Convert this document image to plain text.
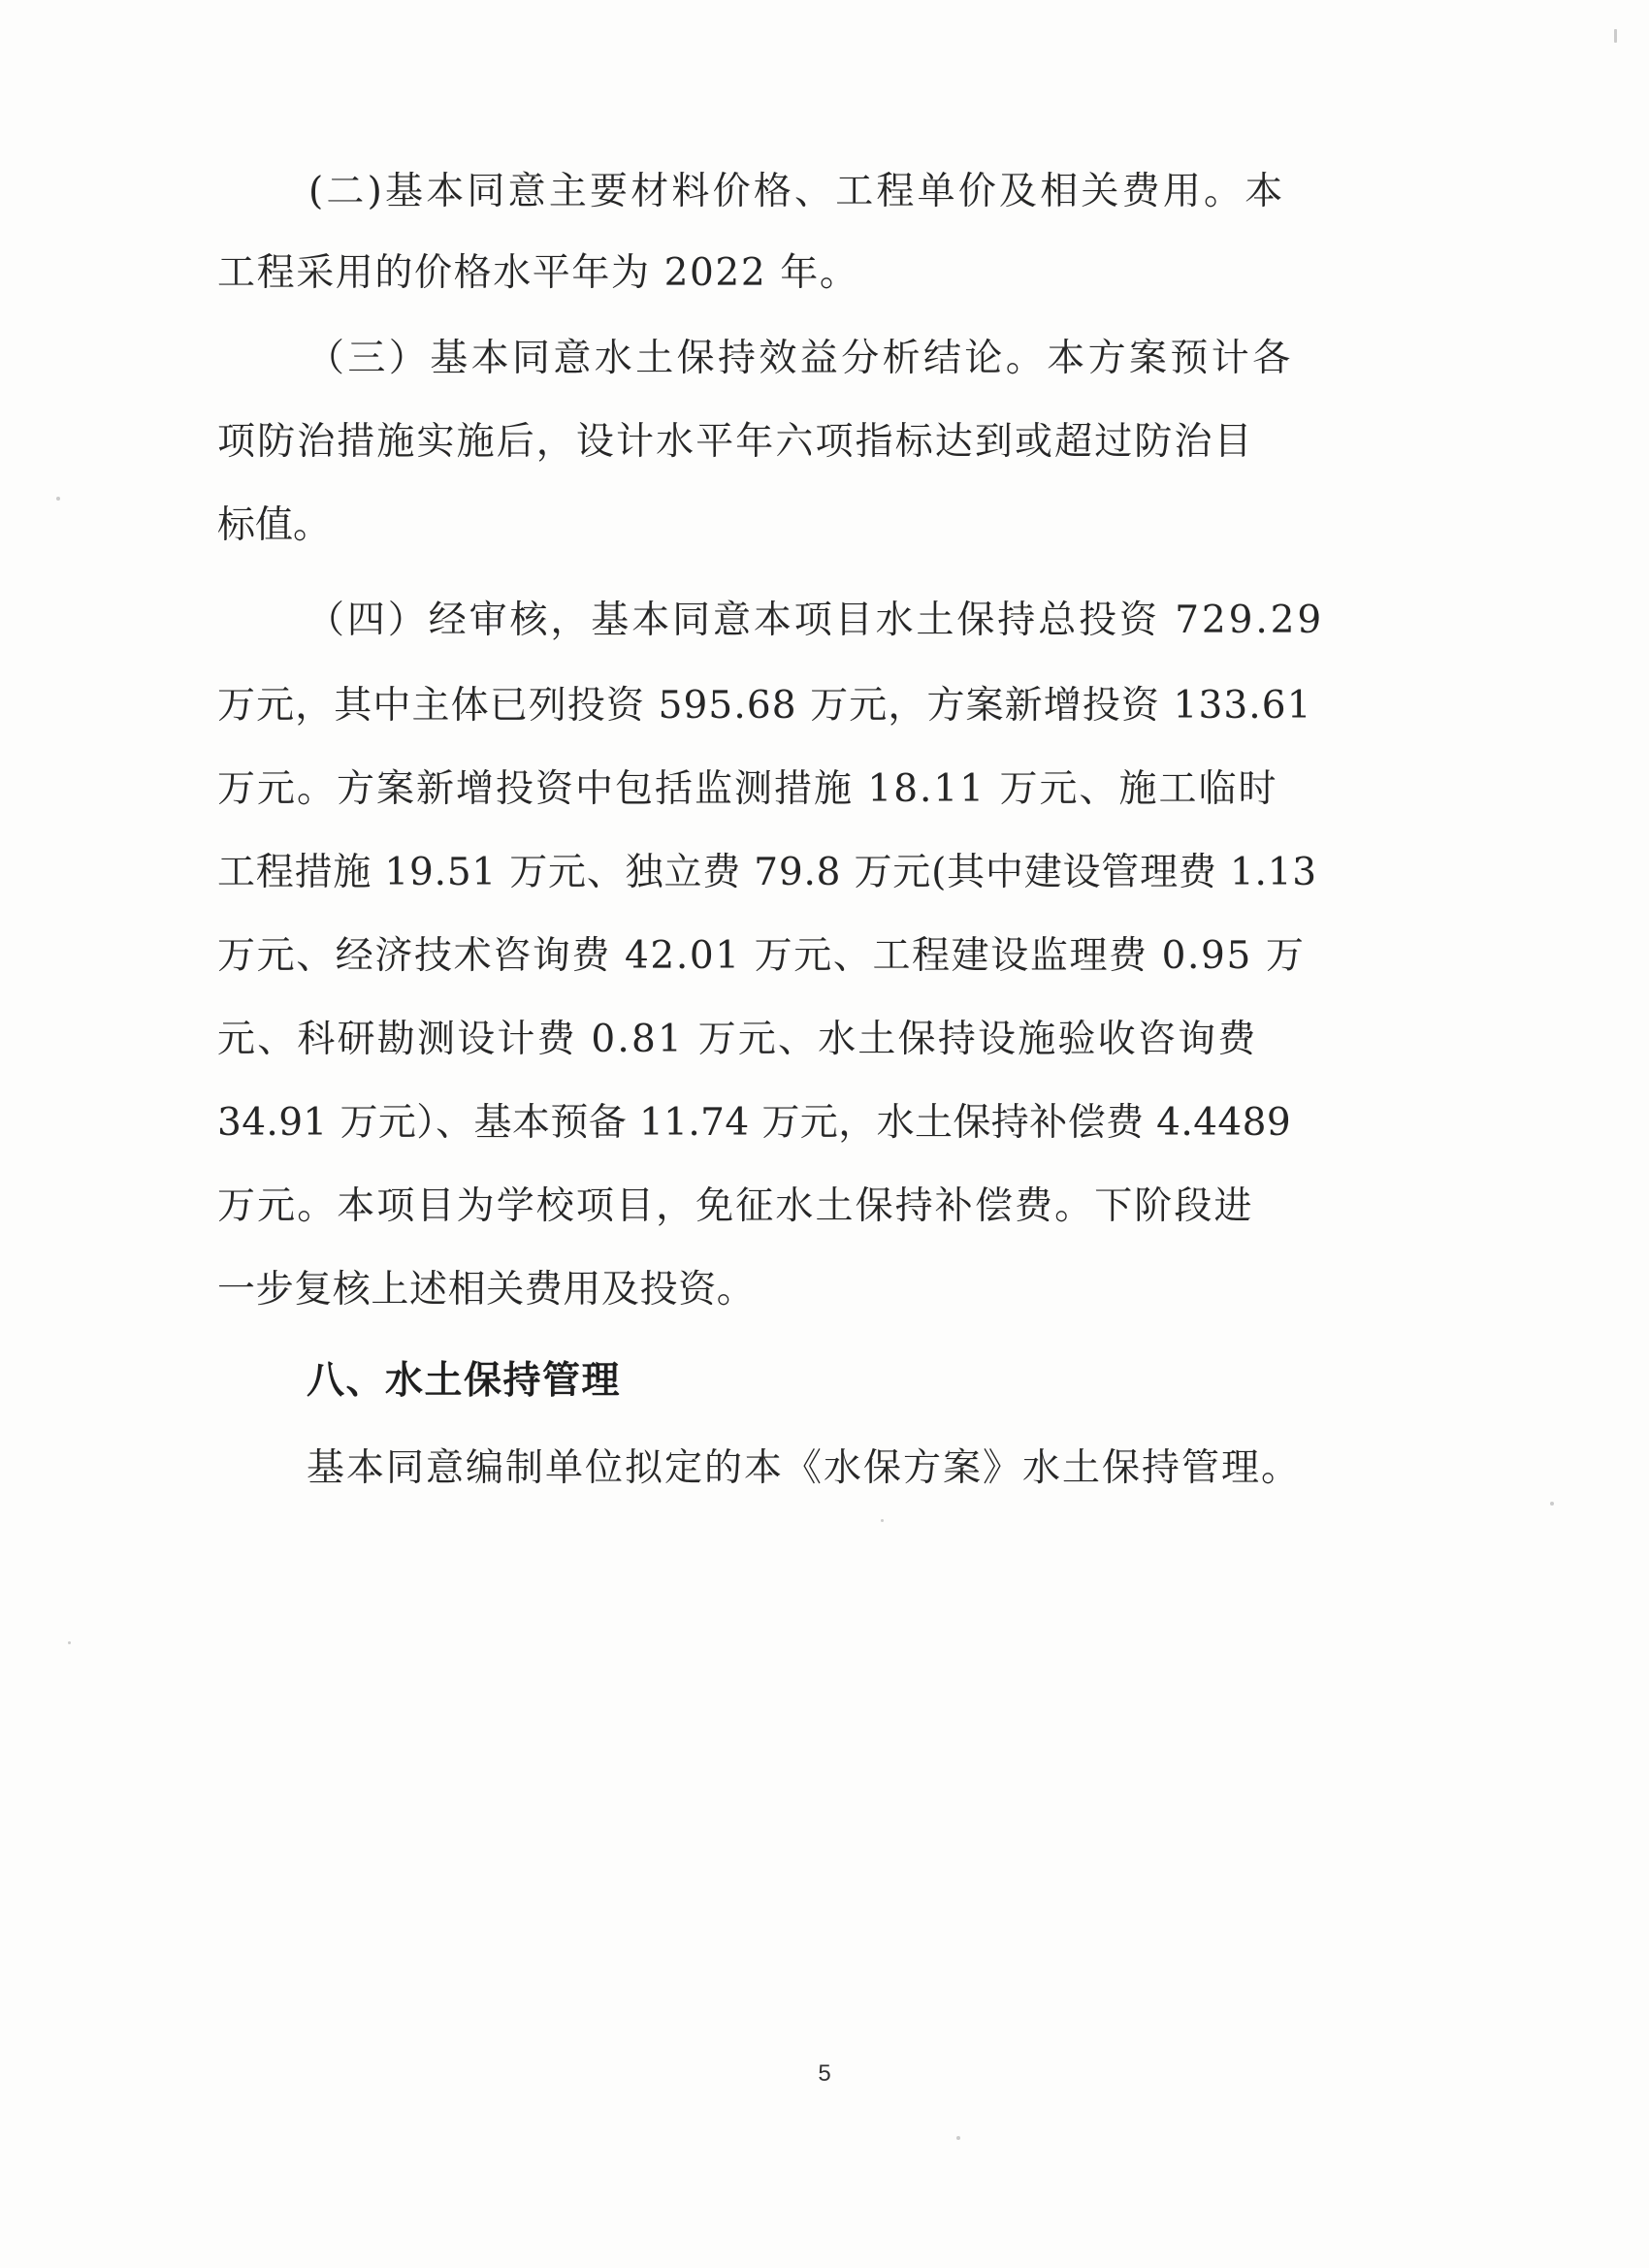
(二)基本同意主要材料价格、工程单价及相关费用。本
工程采用的价格水平年为 2022 年。
（三）基本同意水土保持效益分析结论。本方案预计各
项防治措施实施后，设计水平年六项指标达到或超过防治目
标值。
（四）经审核，基本同意本项目水土保持总投资 729.29
万元，其中主体已列投资 595.68 万元，方案新增投资 133.61
万元。方案新增投资中包括监测措施 18.11 万元、施工临时
工程措施 19.51 万元、独立费 79.8 万元(其中建设管理费 1.13
万元、经济技术咨询费 42.01 万元、工程建设监理费 0.95 万
元、科研勘测设计费 0.81 万元、水土保持设施验收咨询费
34.91 万元）、基本预备 11.74 万元，水土保持补偿费 4.4489
万元。本项目为学校项目，免征水土保持补偿费。下阶段进
一步复核上述相关费用及投资。
八、水土保持管理
基本同意编制单位拟定的本《水保方案》水土保持管理。
5
